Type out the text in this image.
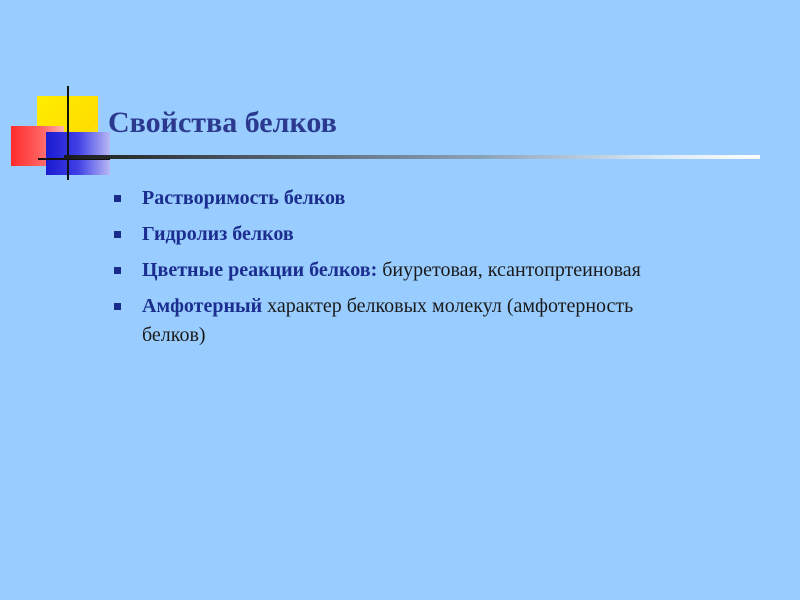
Свойства белков
Растворимость белков
Гидролиз белков
Цветные реакции белков: биуретовая, ксантопртеиновая
Амфотерный характер белковых молекул (амфотерность белков)
